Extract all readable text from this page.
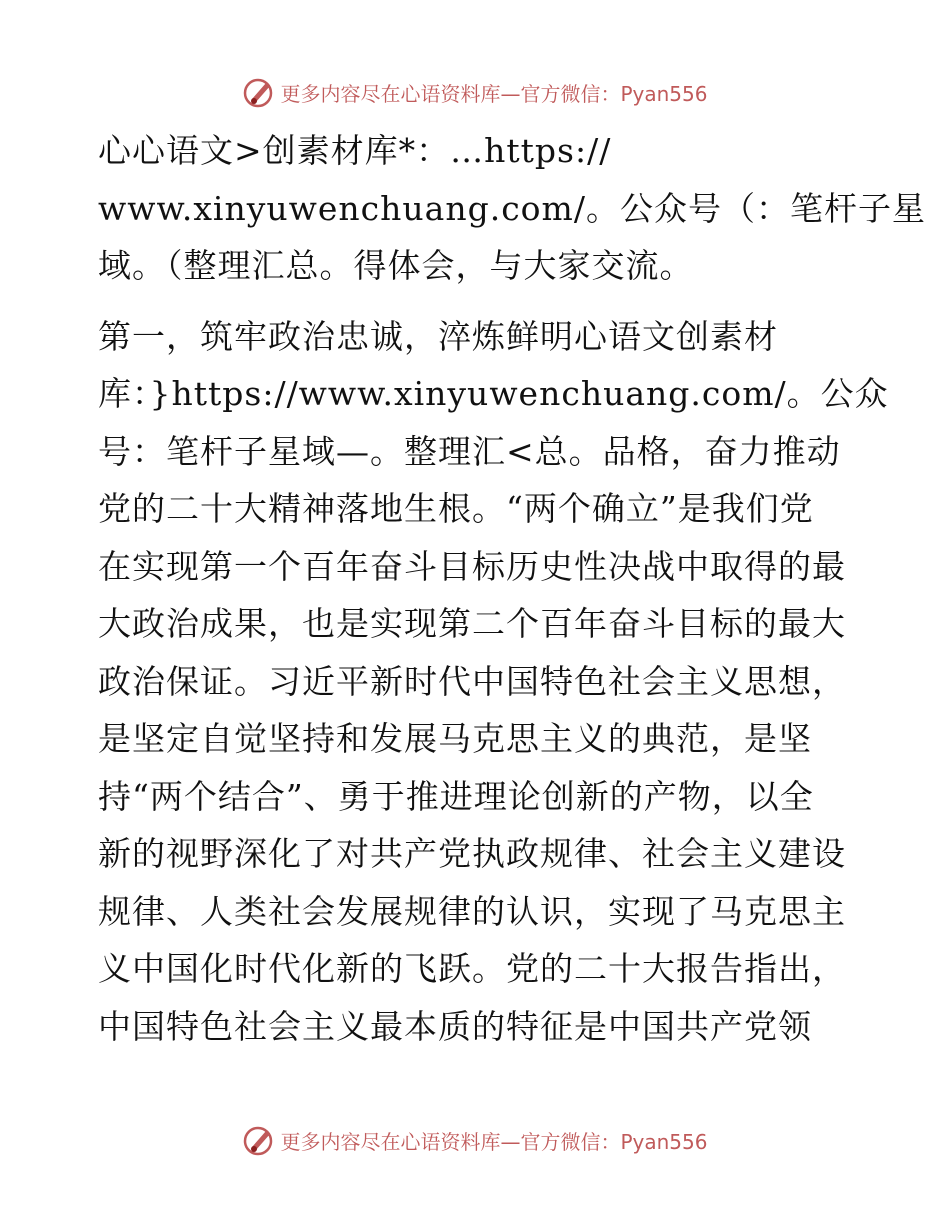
更多内容尽在心语资料库—官方微信：Pyan556
心心语文>创素材库*：…https://
www.xinyuwenchuang.com/。公众号（：笔杆子星
域。（整理汇总。得体会，与大家交流。
第一，筑牢政治忠诚，淬炼鲜明心语文创素材
库：}https://www.xinyuwenchuang.com/。公众
号：笔杆子星域—。整理汇<总。品格，奋力推动
党的二十大精神落地生根。“两个确立”是我们党
在实现第一个百年奋斗目标历史性决战中取得的最
大政治成果，也是实现第二个百年奋斗目标的最大
政治保证。习近平新时代中国特色社会主义思想，
是坚定自觉坚持和发展马克思主义的典范，是坚
持“两个结合”、勇于推进理论创新的产物，以全
新的视野深化了对共产党执政规律、社会主义建设
规律、人类社会发展规律的认识，实现了马克思主
义中国化时代化新的飞跃。党的二十大报告指出，
中国特色社会主义最本质的特征是中国共产党领
更多内容尽在心语资料库—官方微信：Pyan556
